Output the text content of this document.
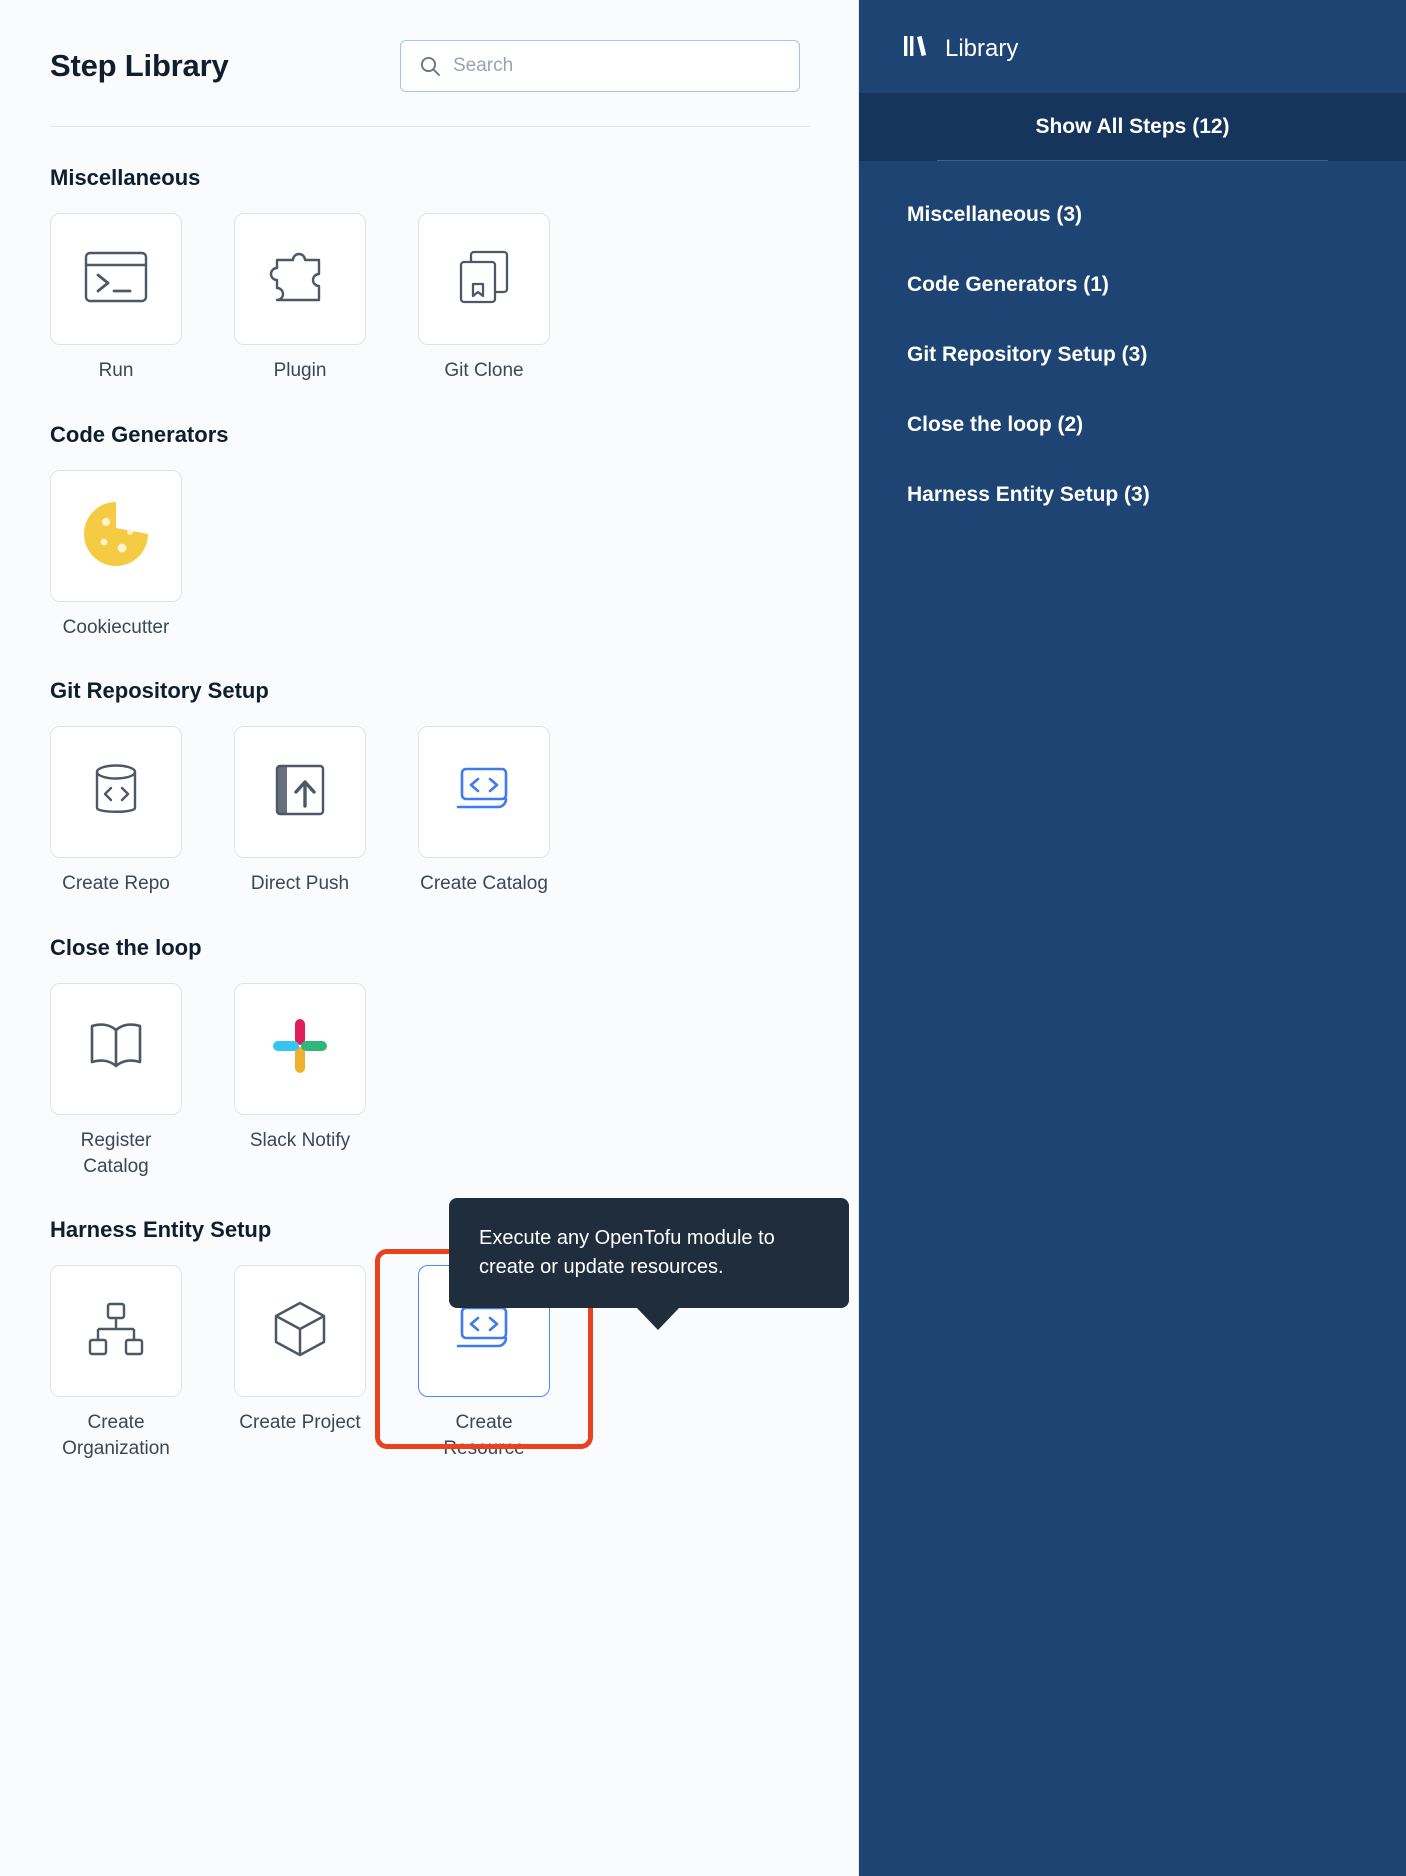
Step Library
Search
Miscellaneous
Run	Plugin	Git Clone
Code Generators
Cookiecutter
Git Repository Setup
Create Repo	Direct Push	Create Catalog
Close the loop
Register Catalog
Slack Notify
Harness Entity Setup
Create Organization
Create Project	Create Resource
Execute any OpenTofu module to create or update resources.
Library
Show All Steps (12)
Miscellaneous (3)
Code Generators (1)
Git Repository Setup (3)
Close the loop (2)
Harness Entity Setup (3)
